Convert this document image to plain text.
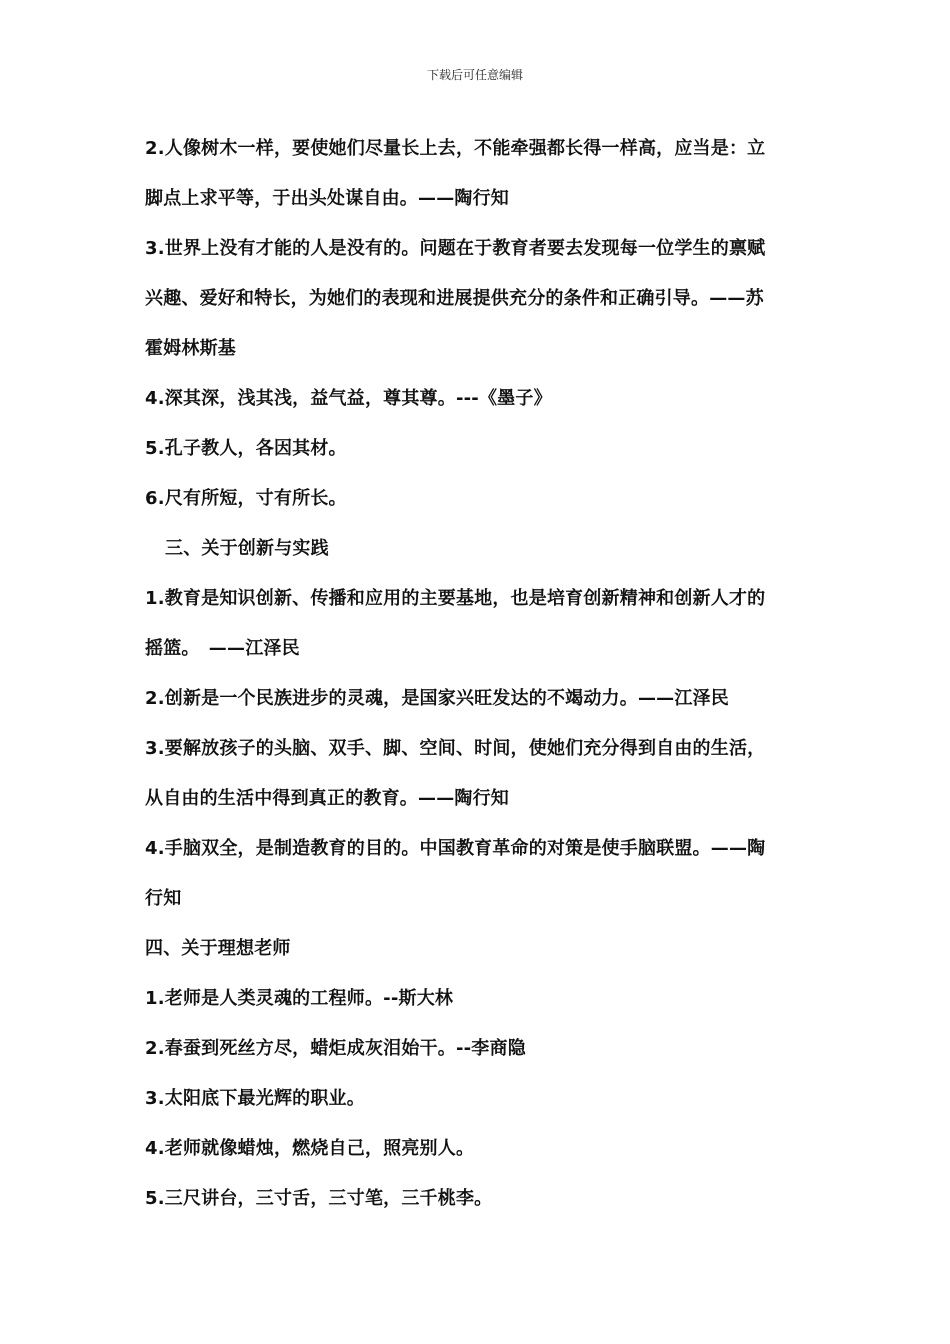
下载后可任意编辑
2.人像树木一样，要使她们尽量长上去，不能牵强都长得一样高，应当是：立
脚点上求平等，于出头处谋自由。——陶行知
3.世界上没有才能的人是没有的。问题在于教育者要去发现每一位学生的禀赋
兴趣、爱好和特长，为她们的表现和进展提供充分的条件和正确引导。——苏
霍姆林斯基
4.深其深，浅其浅，益气益，尊其尊。---《墨子》
5.孔子教人，各因其材。
6.尺有所短，寸有所长。
三、关于创新与实践
1.教育是知识创新、传播和应用的主要基地，也是培育创新精神和创新人才的
摇篮。　——江泽民
2.创新是一个民族进步的灵魂，是国家兴旺发达的不竭动力。——江泽民
3.要解放孩子的头脑、双手、脚、空间、时间，使她们充分得到自由的生活，
从自由的生活中得到真正的教育。——陶行知
4.手脑双全，是制造教育的目的。中国教育革命的对策是使手脑联盟。——陶
行知
四、关于理想老师
1.老师是人类灵魂的工程师。--斯大林
2.春蚕到死丝方尽，蜡炬成灰泪始干。--李商隐
3.太阳底下最光辉的职业。
4.老师就像蜡烛，燃烧自己，照亮别人。
5.三尺讲台，三寸舌，三寸笔，三千桃李。
